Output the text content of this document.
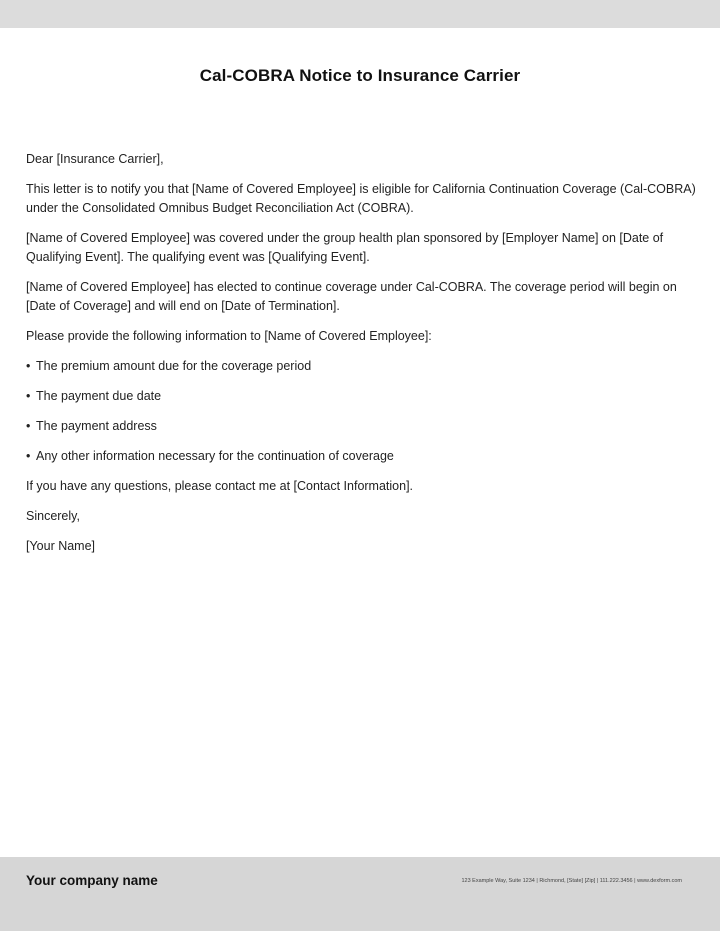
Cal-COBRA Notice to Insurance Carrier

Dear [Insurance Carrier],

This letter is to notify you that [Name of Covered Employee] is eligible for California Continuation Coverage (Cal-COBRA) under the Consolidated Omnibus Budget Reconciliation Act (COBRA).

[Name of Covered Employee] was covered under the group health plan sponsored by [Employer Name] on [Date of Qualifying Event]. The qualifying event was [Qualifying Event].

[Name of Covered Employee] has elected to continue coverage under Cal-COBRA. The coverage period will begin on [Date of Coverage] and will end on [Date of Termination].

Please provide the following information to [Name of Covered Employee]:

• The premium amount due for the coverage period
• The payment due date
• The payment address
• Any other information necessary for the continuation of coverage

If you have any questions, please contact me at [Contact Information].

Sincerely,

[Your Name]

Your company name	123 Example Way, Suite 1234 | Richmond, [State] [Zip] | 111.222.3456 | www.dexform.com
